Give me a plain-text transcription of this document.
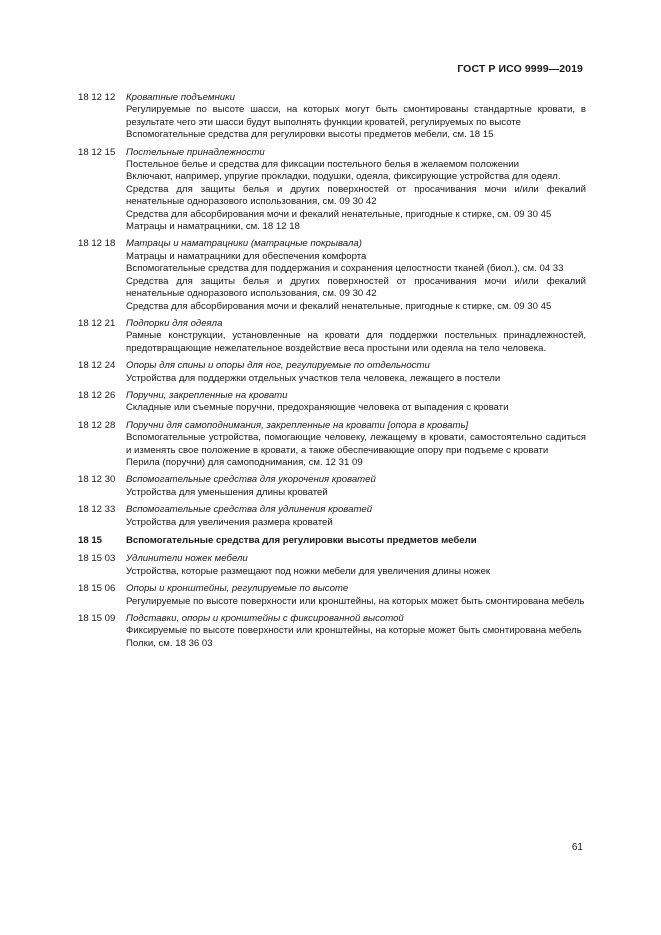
ГОСТ Р ИСО 9999—2019
18 12 12	Кроватные подъемники
Регулируемые по высоте шасси, на которых могут быть смонтированы стандартные кровати, в результате чего эти шасси будут выполнять функции кроватей, регулируемых по высоте
Вспомогательные средства для регулировки высоты предметов мебели, см. 18 15
18 12 15	Постельные принадлежности
Постельное белье и средства для фиксации постельного белья в желаемом положении
Включают, например, упругие прокладки, подушки, одеяла, фиксирующие устройства для одеял.
Средства для защиты белья и других поверхностей от просачивания мочи и/или фекалий ненательные одноразового использования, см. 09 30 42
Средства для абсорбирования мочи и фекалий ненательные, пригодные к стирке, см. 09 30 45
Матрацы и наматрацники, см. 18 12 18
18 12 18	Матрацы и наматрацники (матрацные покрывала)
Матрацы и наматрацники для обеспечения комфорта
Вспомогательные средства для поддержания и сохранения целостности тканей (биол.), см. 04 33
Средства для защиты белья и других поверхностей от просачивания мочи и/или фекалий ненательные одноразового использования, см. 09 30 42
Средства для абсорбирования мочи и фекалий ненательные, пригодные к стирке, см. 09 30 45
18 12 21	Подпорки для одеяла
Рамные конструкции, установленные на кровати для поддержки постельных принадлежностей, предотвращающие нежелательное воздействие веса простыни или одеяла на тело человека.
18 12 24	Опоры для спины и опоры для ног, регулируемые по отдельности
Устройства для поддержки отдельных участков тела человека, лежащего в постели
18 12 26	Поручни, закрепленные на кровати
Складные или съемные поручни, предохраняющие человека от выпадения с кровати
18 12 28	Поручни для самоподнимания, закрепленные на кровати [опора в кровать]
Вспомогательные устройства, помогающие человеку, лежащему в кровати, самостоятельно садиться и изменять свое положение в кровати, а также обеспечивающие опору при подъеме с кровати
Перила (поручни) для самоподнимания, см. 12 31 09
18 12 30	Вспомогательные средства для укорочения кроватей
Устройства для уменьшения длины кроватей
18 12 33	Вспомогательные средства для удлинения кроватей
Устройства для увеличения размера кроватей
18 15	Вспомогательные средства для регулировки высоты предметов мебели
18 15 03	Удлинители ножек мебели
Устройства, которые размещают под ножки мебели для увеличения длины ножек
18 15 06	Опоры и кронштейны, регулируемые по высоте
Регулируемые по высоте поверхности или кронштейны, на которых может быть смонтирована мебель
18 15 09	Подставки, опоры и кронштейны с фиксированной высотой
Фиксируемые по высоте поверхности или кронштейны, на которые может быть смонтирована мебель
Полки, см. 18 36 03
61
